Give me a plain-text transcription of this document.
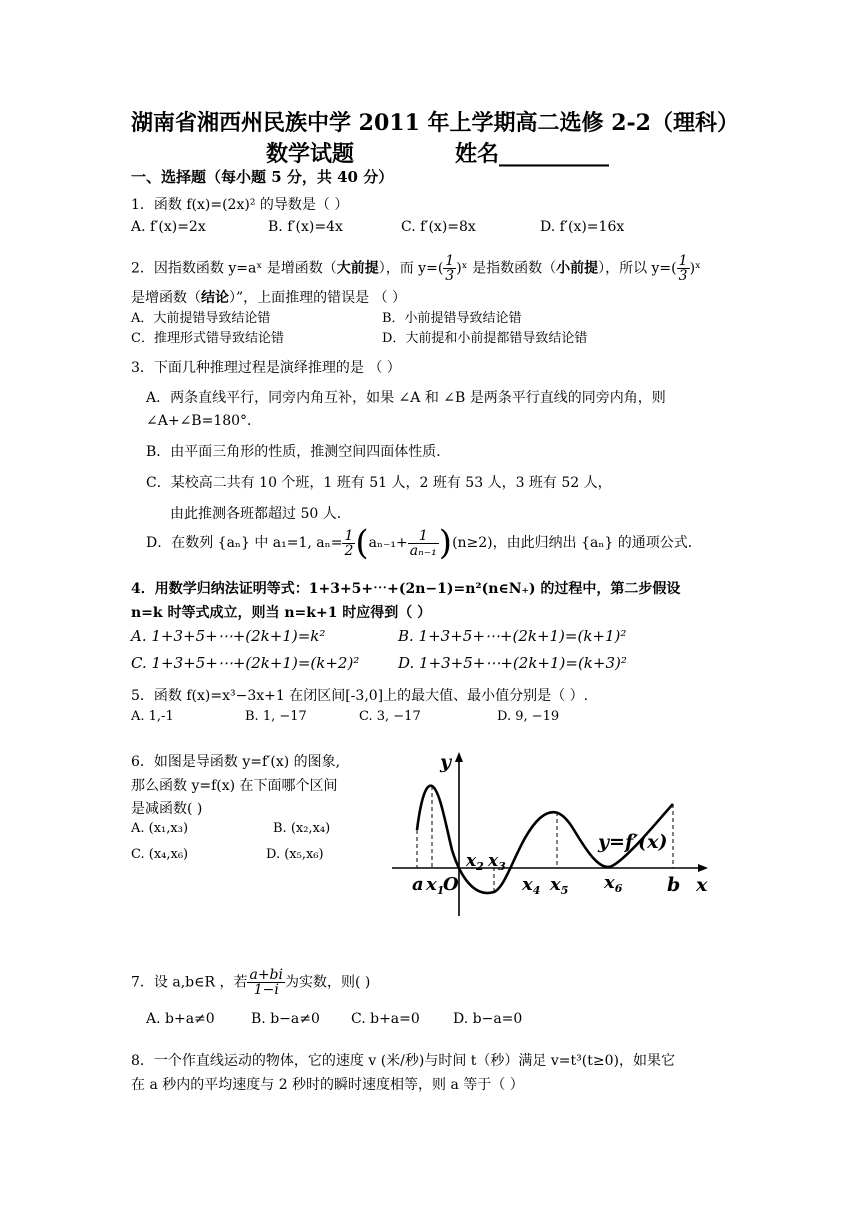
湖南省湘西州民族中学 2011 年上学期高二选修 2-2（理科）
数学试题	姓名__________
一、选择题（每小题 5 分，共 40 分）
1．函数 f(x)=(2x)² 的导数是（ ）
A. f′(x)=2x	B. f′(x)=4x	C. f′(x)=8x	D. f′(x)=16x
2．因指数函数 y=aˣ 是增函数（大前提），而 $y=( \frac{1}{3}$ )ˣ 是指数函数（小前提），所以 $y=( \frac{1}{3}$ )ˣ
是增函数（结论）”，上面推理的错误是 （ ）
A．大前提错导致结论错	B．小前提错导致结论错
C．推理形式错导致结论错	D．大前提和小前提都错导致结论错
3．下面几种推理过程是演绎推理的是 （ ）
A．两条直线平行，同旁内角互补，如果 ∠A 和 ∠B 是两条平行直线的同旁内角，则
∠A+∠B=180°．
B．由平面三角形的性质，推测空间四面体性质．
C．某校高二共有 10 个班，1 班有 51 人，2 班有 53 人，3 班有 52 人，
由此推测各班都超过 50 人．
D．在数列 {aₙ} 中 a₁=1, $a_n= \frac{1}{2} (a_{n-1}+ \frac{1}{\text{aₙ₋₁}} )(n\ge 2)$，由此归纳出 {aₙ} 的通项公式．
4．用数学归纳法证明等式：1+3+5+⋯+(2n−1)=n²(n∈N₊) 的过程中，第二步假设
n=k 时等式成立，则当 n=k+1 时应得到（ ）
A. 1+3+5+⋯+(2k+1)=k²	B. 1+3+5+⋯+(2k+1)=(k+1)²
C. 1+3+5+⋯+(2k+1)=(k+2)²	D. 1+3+5+⋯+(2k+1)=(k+3)²
5．函数 f(x)=x³−3x+1 在闭区间[-3,0]上的最大值、最小值分别是（ ）.
A. 1,-1	B. 1, −17	C. 3, −17	D. 9, −19
6．如图是导函数 y=f′(x) 的图象,
那么函数 y=f(x) 在下面哪个区间
是减函数( )
A. (x₁,x₃)	B. (x₂,x₄)
C. (x₄,x₆)	D. (x₅,x₆)
y
x
y=f′(x)
a $x_1$
O
$x_2$ $x_3$
$x_4$ $x_5$ $x_6$ b
7．设 a,b∈R ，若 $\frac{a+bi}{1-i}$ 为实数，则( )
A. b+a≠0	B. b−a≠0 C. b+a=0 D. b−a=0
8．一个作直线运动的物体，它的速度 v (米/秒)与时间 t（秒）满足 v=t³(t≥0)，如果它
在 a 秒内的平均速度与 2 秒时的瞬时速度相等，则 a 等于（ ）
